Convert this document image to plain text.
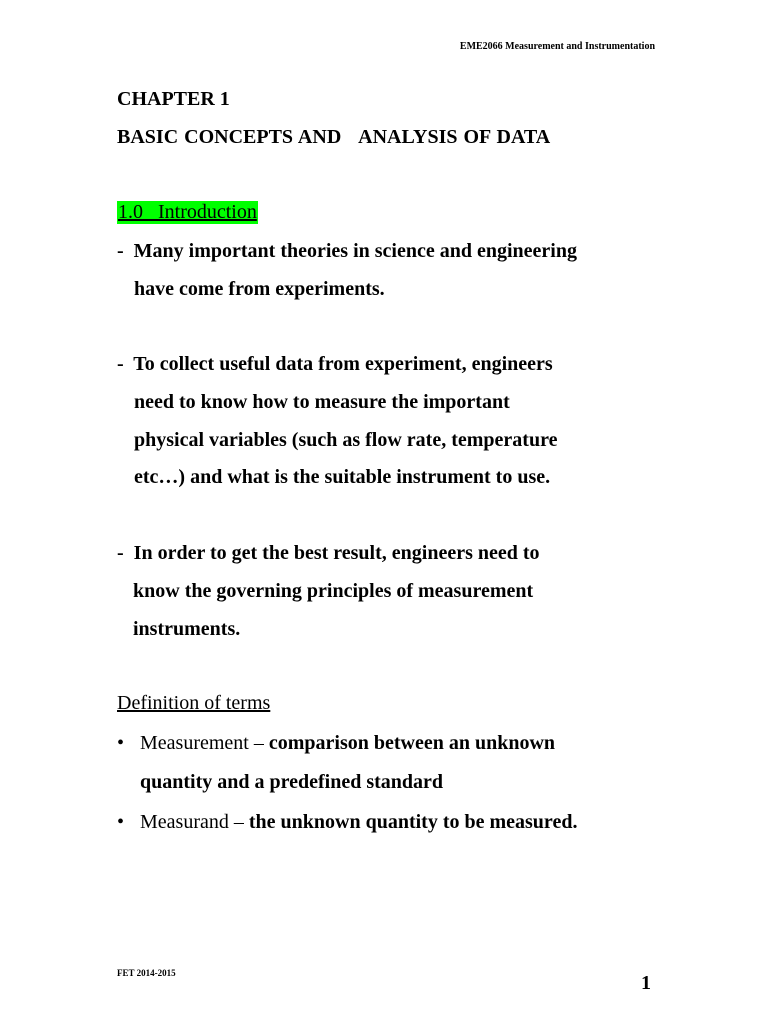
EME2066 Measurement and Instrumentation
CHAPTER 1
BASIC CONCEPTS AND   ANALYSIS OF DATA
1.0   Introduction
-  Many important theories in science and engineering
have come from experiments.
-  To collect useful data from experiment, engineers
need to know how to measure the important
physical variables (such as flow rate, temperature
etc…) and what is the suitable instrument to use.
-  In order to get the best result, engineers need to
know the governing principles of measurement
instruments.
Definition of terms
• Measurement – comparison between an unknown
quantity and a predefined standard
• Measurand – the unknown quantity to be measured.
FET 2014-2015	1
